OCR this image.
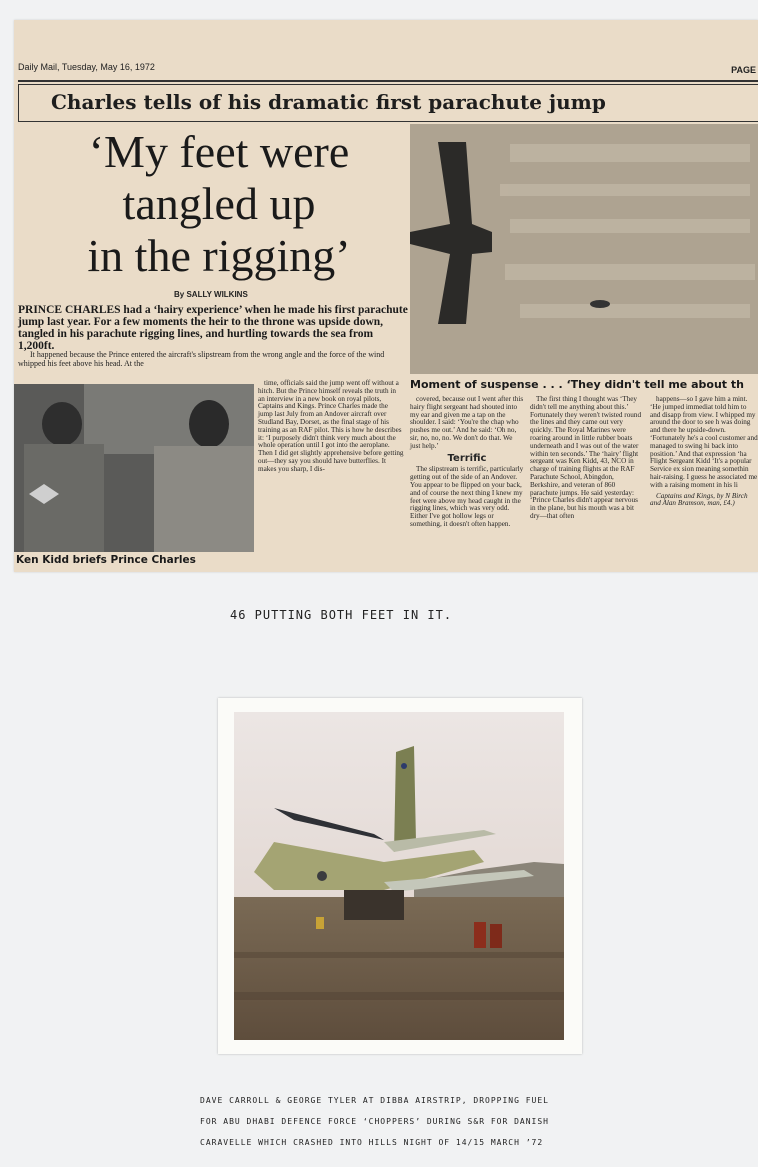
Daily Mail, Tuesday, May 16, 1972	PAGE
Charles tells of his dramatic first parachute jump
‘My feet were
tangled up
in the rigging’
By SALLY WILKINS
PRINCE CHARLES had a ‘hairy experience’ when he made his first parachute jump last year. For a few moments the heir to the throne was upside down, tangled in his parachute rigging lines, and hurtling towards the sea from 1,200ft.
It happened because the Prince entered the aircraft's slipstream from the wrong angle and the force of the wind whipped his feet above his head. At the
Moment of suspense . . . ‘They didn't tell me about th
Ken Kidd briefs Prince Charles

time, officials said the jump went off without a hitch. But the Prince himself reveals the truth in an interview in a new book on royal pilots, Captains and Kings. Prince Charles made the jump last July from an Andover aircraft over Studland Bay, Dorset, as the final stage of his training as an RAF pilot. This is how he describes it: ‘I purposely didn't think very much about the whole operation until I got into the aeroplane. Then I did get slightly apprehensive before getting out—they say you should have butterflies. It makes you sharp, I dis-

covered, because out I went after this hairy flight sergeant had shouted into my ear and given me a tap on the shoulder. I said: ‘You're the chap who pushes me out.’ And he said: ‘Oh no, sir, no, no, no. We don't do that. We just help.’

Terrific

The slipstream is terrific, particularly getting out of the side of an Andover. You appear to be flipped on your back, and of course the next thing I knew my feet were above my head caught in the rigging lines, which was very odd. Either I've got hollow legs or something, it doesn't often happen.

The first thing I thought was ‘They didn't tell me anything about this.’ Fortunately they weren't twisted round the lines and they came out very quickly. The Royal Marines were roaring around in little rubber boats underneath and I was out of the water within ten seconds.’ The ‘hairy’ flight sergeant was Ken Kidd, 43, NCO in charge of training flights at the RAF Parachute School, Abingdon, Berkshire, and veteran of 860 parachute jumps. He said yesterday: ‘Prince Charles didn't appear nervous in the plane, but his mouth was a bit dry—that often

happens—so I gave him a mint. ‘He jumped immediat told him to and disapp from view. I whipped my around the door to see h was doing and there he upside-down. ‘Fortunately he's a cool customer and managed to swing hi back into position.’ And that expression ‘ha Flight Sergeant Kidd ‘It's a popular Service ex sion meaning somethin hair-raising. I guess he associated me with a raising moment in his li

Captains and Kings, by N Birch and Alan Bramson, man, £4.)

46 PUTTING BOTH FEET IN IT.
DAVE CARROLL & GEORGE TYLER AT DIBBA AIRSTRIP, DROPPING FUEL
FOR ABU DHABI DEFENCE FORCE ‘CHOPPERS’ DURING S&R FOR DANISH
CARAVELLE WHICH CRASHED INTO HILLS NIGHT OF 14/15 MARCH ’72
